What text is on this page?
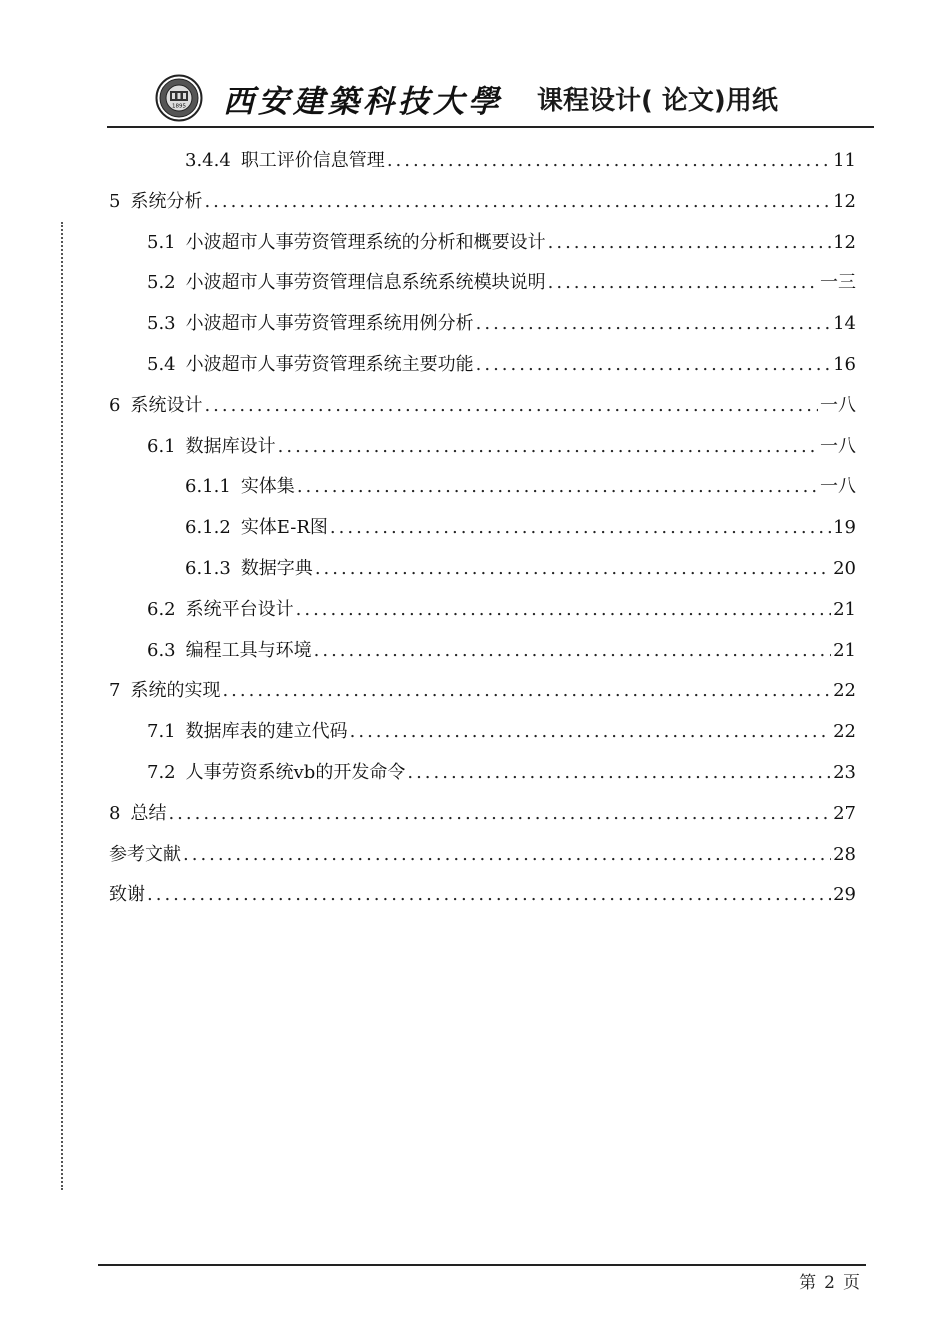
1895 西安建築科技大學 课程设计( 论文)用纸
3.4.4 职工评价信息管理 .....	11
5 系统分析 .....	12
5.1 小波超市人事劳资管理系统的分析和概要设计 .....	12
5.2 小波超市人事劳资管理信息系统系统模块说明 .....	一三
5.3 小波超市人事劳资管理系统用例分析 .....	14
5.4 小波超市人事劳资管理系统主要功能 .....	16
6 系统设计 .....	一八
6.1 数据库设计 .....	一八
6.1.1 实体集 .....	一八
6.1.2 实体E-R图 .....	19
6.1.3 数据字典 .....	20
6.2 系统平台设计 .....	21
6.3 编程工具与环境 .....	21
7 系统的实现 .....	22
7.1 数据库表的建立代码 .....	22
7.2 人事劳资系统vb的开发命令 .....	23
8 总结 .....	27
参考文献 .....	28
致谢 .....	29
第 2 页
